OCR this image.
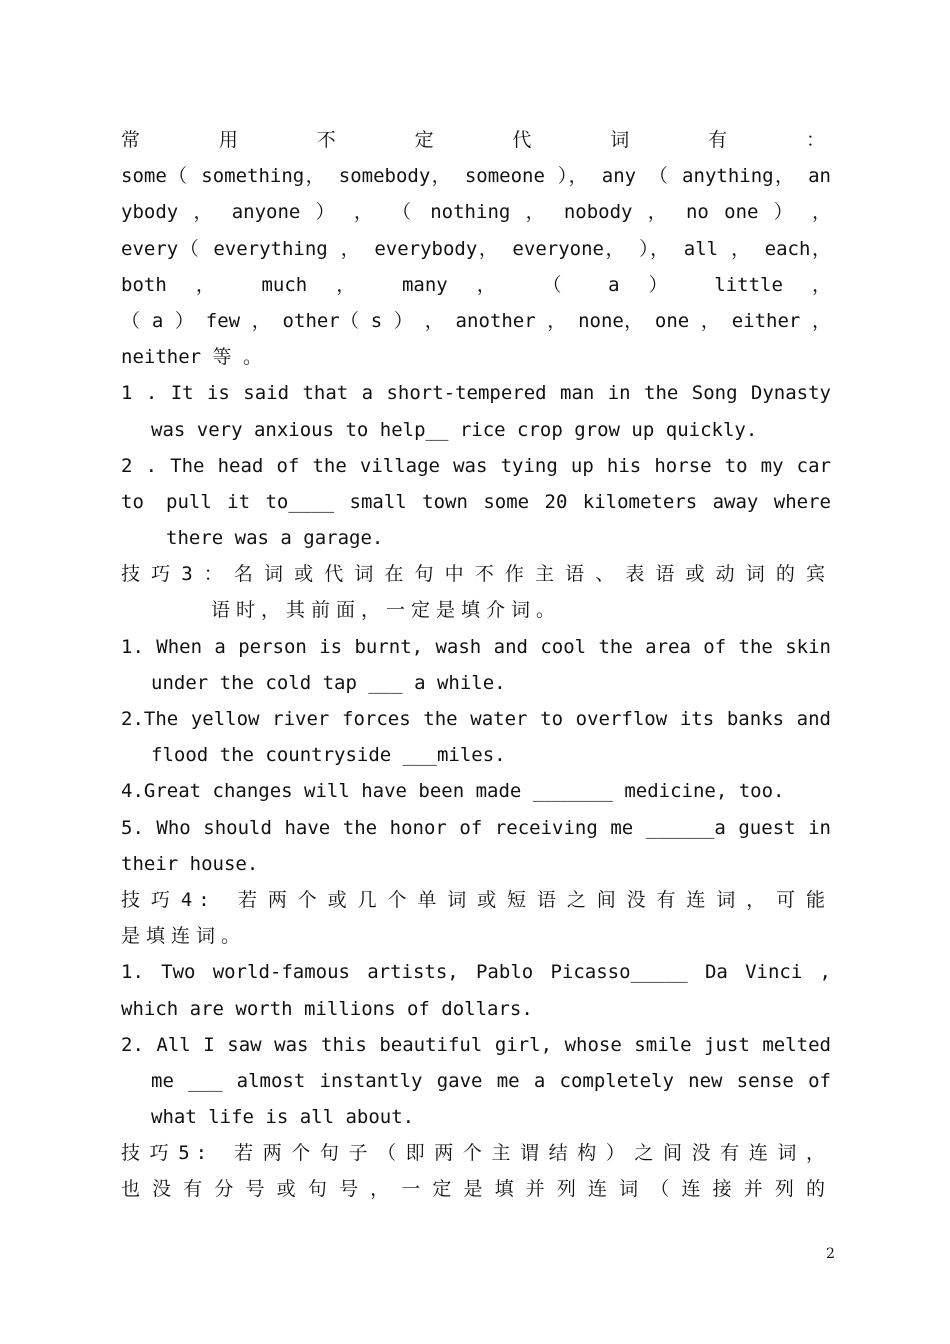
常　　用　　不　　定　　代　　词　　有　　：
some（ something， somebody， someone ）， any （ anything， an
ybody ， anyone ） ， （ nothing ， nobody ， no one ） ，
every（ everything ， everybody， everyone， ）， all ， each，
both ， much ， many ， （ a ） little ，
（ a ） few ， other（ s ） ， another ， none， one ， either ，
neither 等 。
1 . It is said that a short-tempered man in the Song Dynasty
was very anxious to help__ rice crop grow up quickly.
2 . The head of the village was tying up his horse to my car to	pull it to____ small town some 20 kilometers away where
there was a garage.
技巧3：名词或代词在句中不作主语、表语或动词的宾
语时，其前面，一定是填介词。
1. When a person is burnt, wash and cool the area of the skin
under the cold tap ___ a while.
2.The yellow river forces the water to overflow its banks and
flood the countryside ___miles.
4.Great changes will have been made _______ medicine, too.
5. Who should have the honor of receiving me ______a guest in
their house.
技巧4: 若两个或几个单词或短语之间没有连词，可能
是填连词。
1. Two world-famous artists, Pablo Picasso_____ Da Vinci ,
which are worth millions of dollars.
2. All I saw was this beautiful girl, whose smile just melted
me ___ almost instantly gave me a completely new sense of
what life is all about.
技巧5: 若两个句子（即两个主谓结构）之间没有连词，
也没有分号或句号，一定是填并列连词（连接并列的
2
